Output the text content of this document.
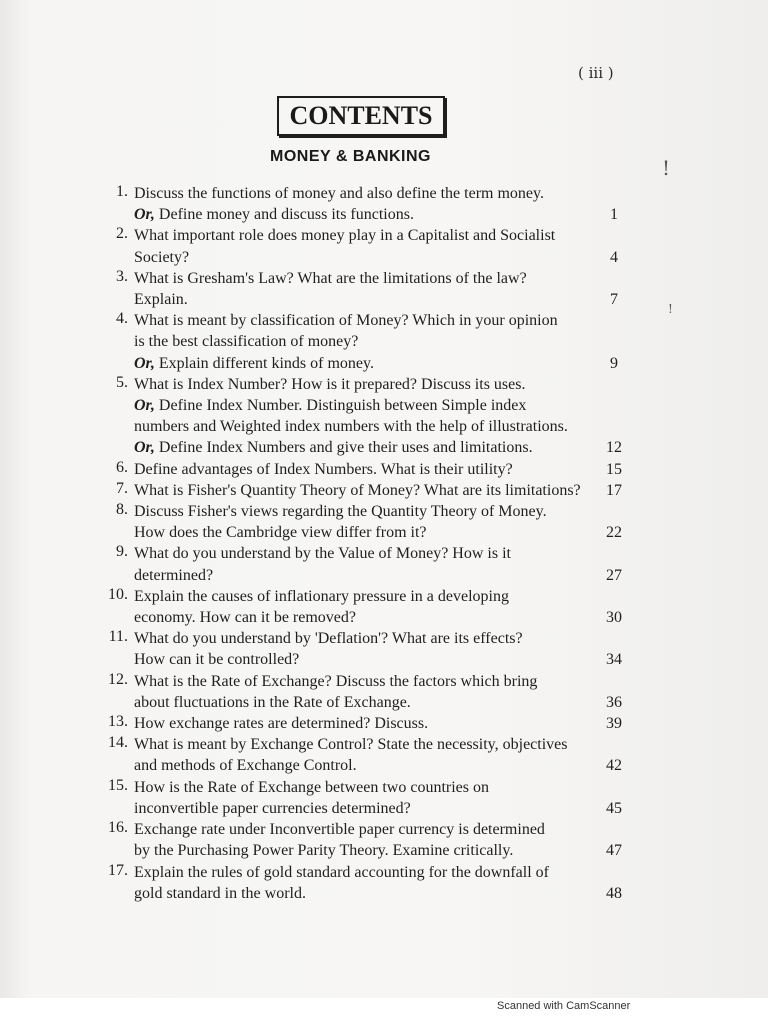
( iii )
CONTENTS
MONEY & BANKING
1. Discuss the functions of money and also define the term money.
Or, Define money and discuss its functions.	1
2. What important role does money play in a Capitalist and Socialist
Society?	4
3. What is Gresham's Law? What are the limitations of the law?
Explain.	7
4. What is meant by classification of Money? Which in your opinion
is the best classification of money?
Or, Explain different kinds of money.	9
5. What is Index Number? How is it prepared? Discuss its uses.
Or, Define Index Number. Distinguish between Simple index
numbers and Weighted index numbers with the help of illustrations.
Or, Define Index Numbers and give their uses and limitations.	12
6. Define advantages of Index Numbers. What is their utility?	15
7. What is Fisher's Quantity Theory of Money? What are its limitations?	17
8. Discuss Fisher's views regarding the Quantity Theory of Money.
How does the Cambridge view differ from it?	22
9. What do you understand by the Value of Money? How is it
determined?	27
10. Explain the causes of inflationary pressure in a developing
economy. How can it be removed?	30
11. What do you understand by 'Deflation'? What are its effects?
How can it be controlled?	34
12. What is the Rate of Exchange? Discuss the factors which bring
about fluctuations in the Rate of Exchange.	36
13. How exchange rates are determined? Discuss.	39
14. What is meant by Exchange Control? State the necessity, objectives
and methods of Exchange Control.	42
15. How is the Rate of Exchange between two countries on
inconvertible paper currencies determined?	45
16. Exchange rate under Inconvertible paper currency is determined
by the Purchasing Power Parity Theory. Examine critically.	47
17. Explain the rules of gold standard accounting for the downfall of
gold standard in the world.	48
!
!
Scanned with CamScanner
